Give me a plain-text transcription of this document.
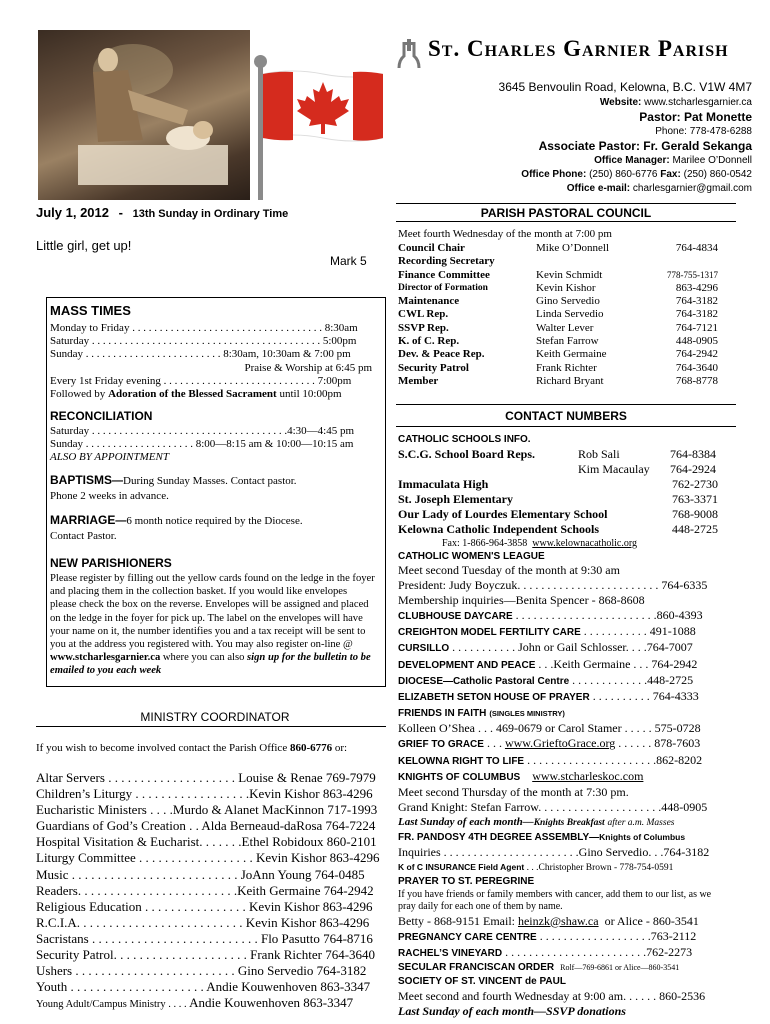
St. Charles Garnier Parish
3645 Benvoulin Road, Kelowna, B.C. V1W 4M7
Website: www.stcharlesgarnier.ca
Pastor: Pat Monette
Phone: 778-478-6288
Associate Pastor: Fr. Gerald Sekanga
Office Manager: Marilee O’Donnell
Office Phone: (250) 860-6776 Fax: (250) 860-0542
Office e-mail: charlesgarnier@gmail.com
July 1, 2012 - 13th Sunday in Ordinary Time
Little girl, get up!
Mark 5
MASS TIMES
Monday to Friday . . . . . . . . . . . . . . . . . . . . . . . . . . . . . . . . . . . 8:30am
Saturday . . . . . . . . . . . . . . . . . . . . . . . . . . . . . . . . . . . . . . . . . . 5:00pm
Sunday . . . . . . . . . . . . . . . . . . . . . . . . . 8:30am, 10:30am & 7:00 pm
Praise & Worship at 6:45 pm
Every 1st Friday evening . . . . . . . . . . . . . . . . . . . . . . . . . . . . 7:00pm
Followed by Adoration of the Blessed Sacrament until 10:00pm
RECONCILIATION
Saturday . . . . . . . . . . . . . . . . . . . . . . . . . . . . . . . . . . . .4:30—4:45 pm
Sunday . . . . . . . . . . . . . . . . . . . . 8:00—8:15 am & 10:00—10:15 am
ALSO BY APPOINTMENT
BAPTISMS—During Sunday Masses. Contact pastor.
Phone 2 weeks in advance.
MARRIAGE—6 month notice required by the Diocese.
Contact Pastor.
NEW PARISHIONERS
Please register by filling out the yellow cards found on the ledge in the foyer and placing them in the collection basket. If you would like envelopes please check the box on the reverse. Envelopes will be assigned and placed on the ledge in the foyer for pick up. The label on the envelopes will have your name on it, the number identifies you and a tax receipt will be sent to you at the address you registered with. You may also register on-line @ www.stcharlesgarnier.ca where you can also sign up for the bulletin to be emailed to you each week
MINISTRY COORDINATOR
If you wish to become involved contact the Parish Office 860-6776 or:
Altar Servers . . . . . . . . . . . . . . . . . . . . Louise & Renae 769-7979
Children’s Liturgy . . . . . . . . . . . . . . . . . .Kevin Kishor 863-4296
Eucharistic Ministers . . . .Murdo & Alanet MacKinnon 717-1993
Guardians of God’s Creation . . Alda Berneaud-daRosa 764-7224
Hospital Visitation & Eucharist. . . . . . .Ethel Robidoux 860-2101
Liturgy Committee . . . . . . . . . . . . . . . . . . Kevin Kishor 863-4296
Music . . . . . . . . . . . . . . . . . . . . . . . . . . JoAnn Young 764-0485
Readers. . . . . . . . . . . . . . . . . . . . . . . . .Keith Germaine 764-2942
Religious Education . . . . . . . . . . . . . . . . Kevin Kishor 863-4296
R.C.I.A. . . . . . . . . . . . . . . . . . . . . . . . . . Kevin Kishor 863-4296
Sacristans . . . . . . . . . . . . . . . . . . . . . . . . . . Flo Pasutto 764-8716
Security Patrol. . . . . . . . . . . . . . . . . . . . . Frank Richter 764-3640
Ushers . . . . . . . . . . . . . . . . . . . . . . . . . Gino Servedio 764-3182
Youth . . . . . . . . . . . . . . . . . . . . . Andie Kouwenhoven 863-3347
Young Adult/Campus Ministry . . . . Andie Kouwenhoven 863-3347
PARISH PASTORAL COUNCIL
Meet fourth Wednesday of the month at 7:00 pm
Council Chair	Mike O’Donnell	764-4834
Recording Secretary
Finance Committee	Kevin Schmidt	778-755-1317
Director of Formation	Kevin Kishor	863-4296
Maintenance	Gino Servedio	764-3182
CWL Rep.	Linda Servedio	764-3182
SSVP Rep.	Walter Lever	764-7121
K. of C. Rep.	Stefan Farrow	448-0905
Dev. & Peace Rep.	Keith Germaine	764-2942
Security Patrol	Frank Richter	764-3640
Member	Richard Bryant	768-8778
CONTACT NUMBERS
CATHOLIC SCHOOLS INFO.
S.C.G. School Board Reps.	Rob Sali	764-8384
Kim Macaulay	764-2924
Immaculata High	762-2730
St. Joseph Elementary	763-3371
Our Lady of Lourdes Elementary School	768-9008
Kelowna Catholic Independent Schools	448-2725
Fax: 1-866-964-3858 www.kelownacatholic.org
CATHOLIC WOMEN'S LEAGUE
Meet second Tuesday of the month at 9:30 am
President: Judy Boyczuk. . . . . . . . . . . . . . . . . . . . . . . . 764-6335
Membership inquiries—Benita Spencer - 868-8608
CLUBHOUSE DAYCARE . . . . . . . . . . . . . . . . . . . . . . . .860-4393
CREIGHTON MODEL FERTILITY CARE . . . . . . . . . . . 491-1088
CURSILLO . . . . . . . . . . . John or Gail Schlosser. . . .764-7007
DEVELOPMENT AND PEACE . . .Keith Germaine . . . 764-2942
DIOCESE—Catholic Pastoral Centre . . . . . . . . . . . . .448-2725
ELIZABETH SETON HOUSE OF PRAYER . . . . . . . . . . 764-4333
FRIENDS IN FAITH (SINGLES MINISTRY)
Kolleen O’Shea . . . 469-0679 or Carol Stamer . . . . . 575-0728
GRIEF TO GRACE . . . www.GrieftoGrace.org . . . . . . 878-7603
KELOWNA RIGHT TO LIFE . . . . . . . . . . . . . . . . . . . . . .862-8202
KNIGHTS OF COLUMBUS www.stcharleskoc.com
Meet second Thursday of the month at 7:30 pm.
Grand Knight: Stefan Farrow. . . . . . . . . . . . . . . . . . . . .448-0905
Last Sunday of each month—Knights Breakfast after a.m. Masses
FR. PANDOSY 4TH DEGREE ASSEMBLY—Knights of Columbus
Inquiries . . . . . . . . . . . . . . . . . . . . . . .Gino Servedio. . .764-3182
K of C INSURANCE Field Agent . . .Christopher Brown - 778-754-0591
PRAYER TO ST. PEREGRINE
If you have friends or family members with cancer, add them to our list, as we pray daily for each one of them by name.
Betty - 868-9151 Email: heinzk@shaw.ca or Alice - 860-3541
PREGNANCY CARE CENTRE . . . . . . . . . . . . . . . . . . .763-2112
RACHEL’S VINEYARD . . . . . . . . . . . . . . . . . . . . . . . .762-2273
SECULAR FRANCISCAN ORDER Rolf—769-6861 or Alice—860-3541
SOCIETY OF ST. VINCENT de PAUL
Meet second and fourth Wednesday at 9:00 am. . . . . . 860-2536
Last Sunday of each month—SSVP donations
